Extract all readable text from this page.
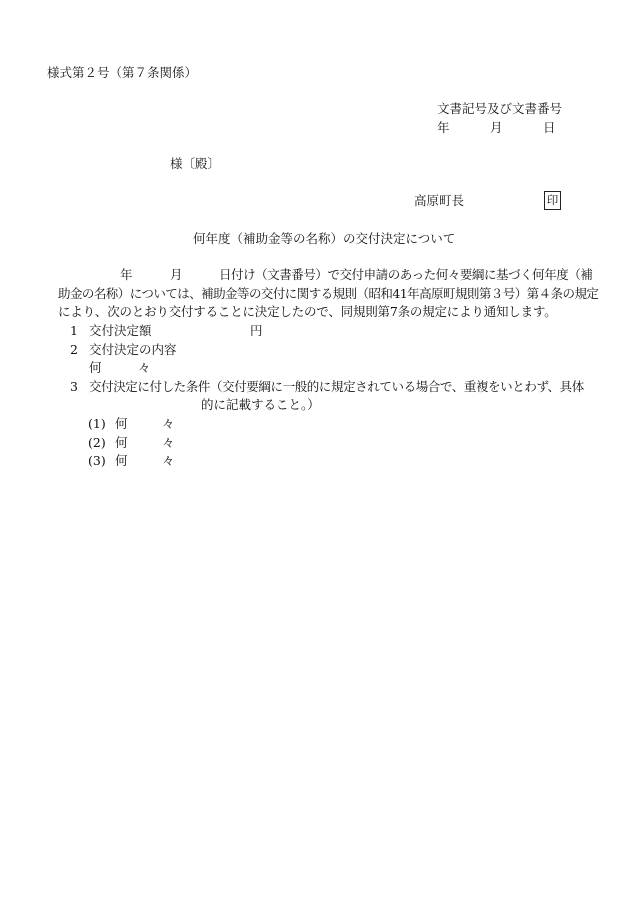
様式第２号（第７条関係）
文書記号及び文書番号
年	月	日
様〔殿〕
高原町長	印
何年度（補助金等の名称）の交付決定について
年	月	日付け（文書番号）で交付申請のあった何々要綱に基づく何年度（補
助金の名称）については、補助金等の交付に関する規則（昭和41年高原町規則第３号）第４条の規定
により、次のとおり交付することに決定したので、同規則第7条の規定により通知します。
1 交付決定額	円
2 交付決定の内容
何	々
3 交付決定に付した条件（交付要綱に一般的に規定されている場合で、重複をいとわず、具体
的に記載すること。）
(1) 何	々
(2) 何	々
(3) 何	々
